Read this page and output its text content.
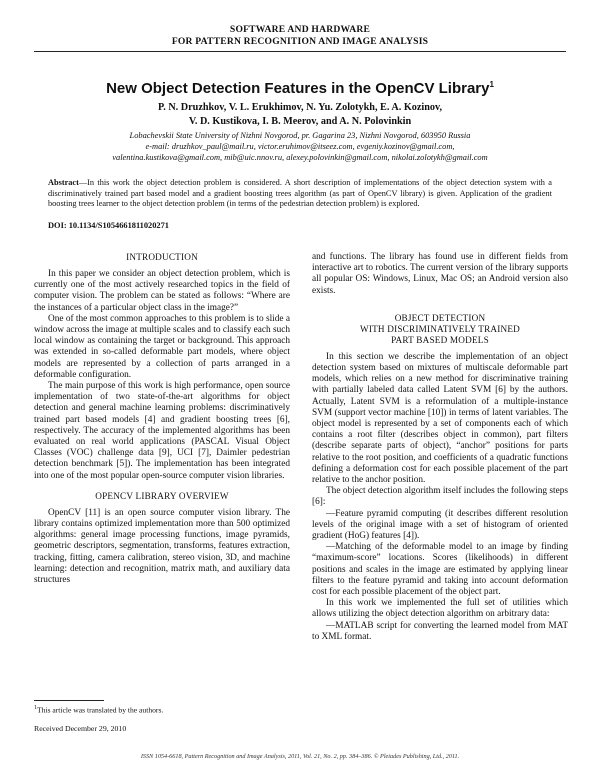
SOFTWARE AND HARDWARE
FOR PATTERN RECOGNITION AND IMAGE ANALYSIS
New Object Detection Features in the OpenCV Library$^1$
P. N. Druzhkov, V. L. Erukhimov, N. Yu. Zolotykh, E. A. Kozinov,
V. D. Kustikova, I. B. Meerov, and A. N. Polovinkin
Lobachevskii State University of Nizhni Novgorod, pr. Gagarina 23, Nizhni Novgorod, 603950 Russia
e-mail: druzhkov_paul@mail.ru, victor.eruhimov@itseez.com, evgeniy.kozinov@gmail.com,
valentina.kustikova@gmail.com, mib@uic.nnov.ru, alexey.polovinkin@gmail.com, nikolai.zolotykh@gmail.com
Abstract—In this work the object detection problem is considered. A short description of implementations of the object detection system with a discriminatively trained part based model and a gradient boosting trees algorithm (as part of OpenCV library) is given. Application of the gradient boosting trees learner to the object detection problem (in terms of the pedestrian detection problem) is explored.
DOI: 10.1134/S1054661811020271
INTRODUCTION

In this paper we consider an object detection problem, which is currently one of the most actively researched topics in the field of computer vision. The problem can be stated as follows: “Where are the instances of a particular object class in the image?”

One of the most common approaches to this problem is to slide a window across the image at multiple scales and to classify each such local window as containing the target or background. This approach was extended in so-called deformable part models, where object models are represented by a collection of parts arranged in a deformable configuration.

The main purpose of this work is high performance, open source implementation of two state-of-the-art algorithms for object detection and general machine learning problems: discriminatively trained part based models [4] and gradient boosting trees [6], respectively. The accuracy of the implemented algorithms has been evaluated on real world applications (PASCAL Visual Object Classes (VOC) challenge data [9], UCI [7], Daimler pedestrian detection benchmark [5]). The implementation has been integrated into one of the most popular open-source computer vision libraries.

OPENCV LIBRARY OVERVIEW

OpenCV [11] is an open source computer vision library. The library contains optimized implementation more than 500 optimized algorithms: general image processing functions, image pyramids, geometric descriptors, segmentation, transforms, features extraction, tracking, fitting, camera calibration, stereo vision, 3D, and machine learning: detection and recognition, matrix math, and auxiliary data structures

and functions. The library has found use in different fields from interactive art to robotics. The current version of the library supports all popular OS: Windows, Linux, Mac OS; an Android version also exists.

OBJECT DETECTION
WITH DISCRIMINATIVELY TRAINED
PART BASED MODELS

In this section we describe the implementation of an object detection system based on mixtures of multiscale deformable part models, which relies on a new method for discriminative training with partially labeled data called Latent SVM [6] by the authors. Actually, Latent SVM is a reformulation of a multiple-instance SVM (support vector machine [10]) in terms of latent variables. The object model is represented by a set of components each of which contains a root filter (describes object in common), part filters (describe separate parts of object), “anchor” positions for parts relative to the root position, and coefficients of a quadratic functions defining a deformation cost for each possible placement of the part relative to the anchor position.

The object detection algorithm itself includes the following steps [6]:

—Feature pyramid computing (it describes different resolution levels of the original image with a set of histogram of oriented gradient (HoG) features [4]).

—Matching of the deformable model to an image by finding “maximum-score” locations. Scores (likelihoods) in different positions and scales in the image are estimated by applying linear filters to the feature pyramid and taking into account deformation cost for each possible placement of the object part.

In this work we implemented the full set of utilities which allows utilizing the object detection algorithm on arbitrary data:

—MATLAB script for converting the learned model from MAT to XML format.

$^1$This article was translated by the authors.
Received December 29, 2010
ISSN 1054-6618, Pattern Recognition and Image Analysis, 2011, Vol. 21, No. 2, pp. 384–386. © Pleiades Publishing, Ltd., 2011.
